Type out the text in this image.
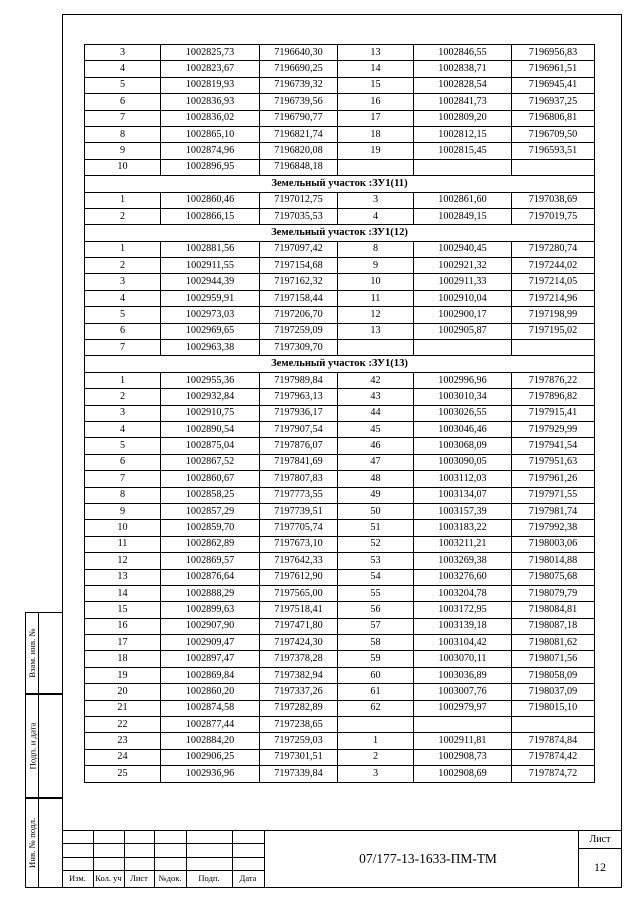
3	1002825,73	7196640,30	13	1002846,55	7196956,83
4	1002823,67	7196690,25	14	1002838,71	7196961,51
5	1002819,93	7196739,32	15	1002828,54	7196945,41
6	1002836,93	7196739,56	16	1002841,73	7196937,25
7	1002836,02	7196790,77	17	1002809,20	7196806,81
8	1002865,10	7196821,74	18	1002812,15	7196709,50
9	1002874,96	7196820,08	19	1002815,45	7196593,51
10	1002896,95	7196848,18			
Земельный участок :ЗУ1(11)					
1	1002860,46	7197012,75	3	1002861,60	7197038,69
2	1002866,15	7197035,53	4	1002849,15	7197019,75
Земельный участок :ЗУ1(12)					
1	1002881,56	7197097,42	8	1002940,45	7197280,74
2	1002911,55	7197154,68	9	1002921,32	7197244,02
3	1002944,39	7197162,32	10	1002911,33	7197214,05
4	1002959,91	7197158,44	11	1002910,04	7197214,96
5	1002973,03	7197206,70	12	1002900,17	7197198,99
6	1002969,65	7197259,09	13	1002905,87	7197195,02
7	1002963,38	7197309,70			
Земельный участок :ЗУ1(13)					
1	1002955,36	7197989,84	42	1002996,96	7197876,22
2	1002932,84	7197963,13	43	1003010,34	7197896,82
3	1002910,75	7197936,17	44	1003026,55	7197915,41
4	1002890,54	7197907,54	45	1003046,46	7197929,99
5	1002875,04	7197876,07	46	1003068,09	7197941,54
6	1002867,52	7197841,69	47	1003090,05	7197951,63
7	1002860,67	7197807,83	48	1003112,03	7197961,26
8	1002858,25	7197773,55	49	1003134,07	7197971,55
9	1002857,29	7197739,51	50	1003157,39	7197981,74
10	1002859,70	7197705,74	51	1003183,22	7197992,38
11	1002862,89	7197673,10	52	1003211,21	7198003,06
12	1002869,57	7197642,33	53	1003269,38	7198014,88
13	1002876,64	7197612,90	54	1003276,60	7198075,68
14	1002888,29	7197565,00	55	1003204,78	7198079,79
15	1002899,63	7197518,41	56	1003172,95	7198084,81
16	1002907,90	7197471,80	57	1003139,18	7198087,18
17	1002909,47	7197424,30	58	1003104,42	7198081,62
18	1002897,47	7197378,28	59	1003070,11	7198071,56
19	1002869,84	7197382,94	60	1003036,89	7198058,09
20	1002860,20	7197337,26	61	1003007,76	7198037,09
21	1002874,58	7197282,89	62	1002979,97	7198015,10
22	1002877,44	7197238,65			
23	1002884,20	7197259,03	1	1002911,81	7197874,84
24	1002906,25	7197301,51	2	1002908,73	7197874,42
25	1002936,96	7197339,84	3	1002908,69	7197874,72
Изм.	Кол. уч Лист	№док.	Подп.	Дата
07/177-13-1633-ПМ-ТМ
Лист
12
Взам. инв. №
Подп. и дата
Инв. № подл.
